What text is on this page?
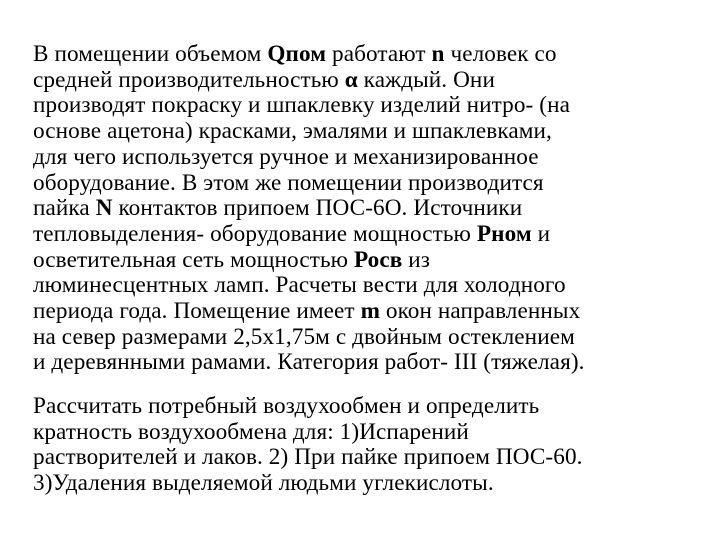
В помещении объемом Qпом работают n человек со
средней производительностью α каждый. Они
производят покраску и шпаклевку изделий нитро- (на
основе ацетона) красками, эмалями и шпаклевками,
для чего используется ручное и механизированное
оборудование. В этом же помещении производится
пайка N контактов припоем ПОС-6О. Источники
тепловыделения- оборудование мощностью Рном и
осветительная сеть мощностью Росв из
люминесцентных ламп. Расчеты вести для холодного
периода года. Помещение имеет m окон направленных
на север размерами 2,5х1,75м с двойным остеклением
и деревянными рамами. Категория работ- III (тяжелая).

Рассчитать потребный воздухообмен и определить
кратность воздухообмена для: 1)Испарений
растворителей и лаков. 2) При пайке припоем ПОС-60.
3)Удаления выделяемой людьми углекислоты.
